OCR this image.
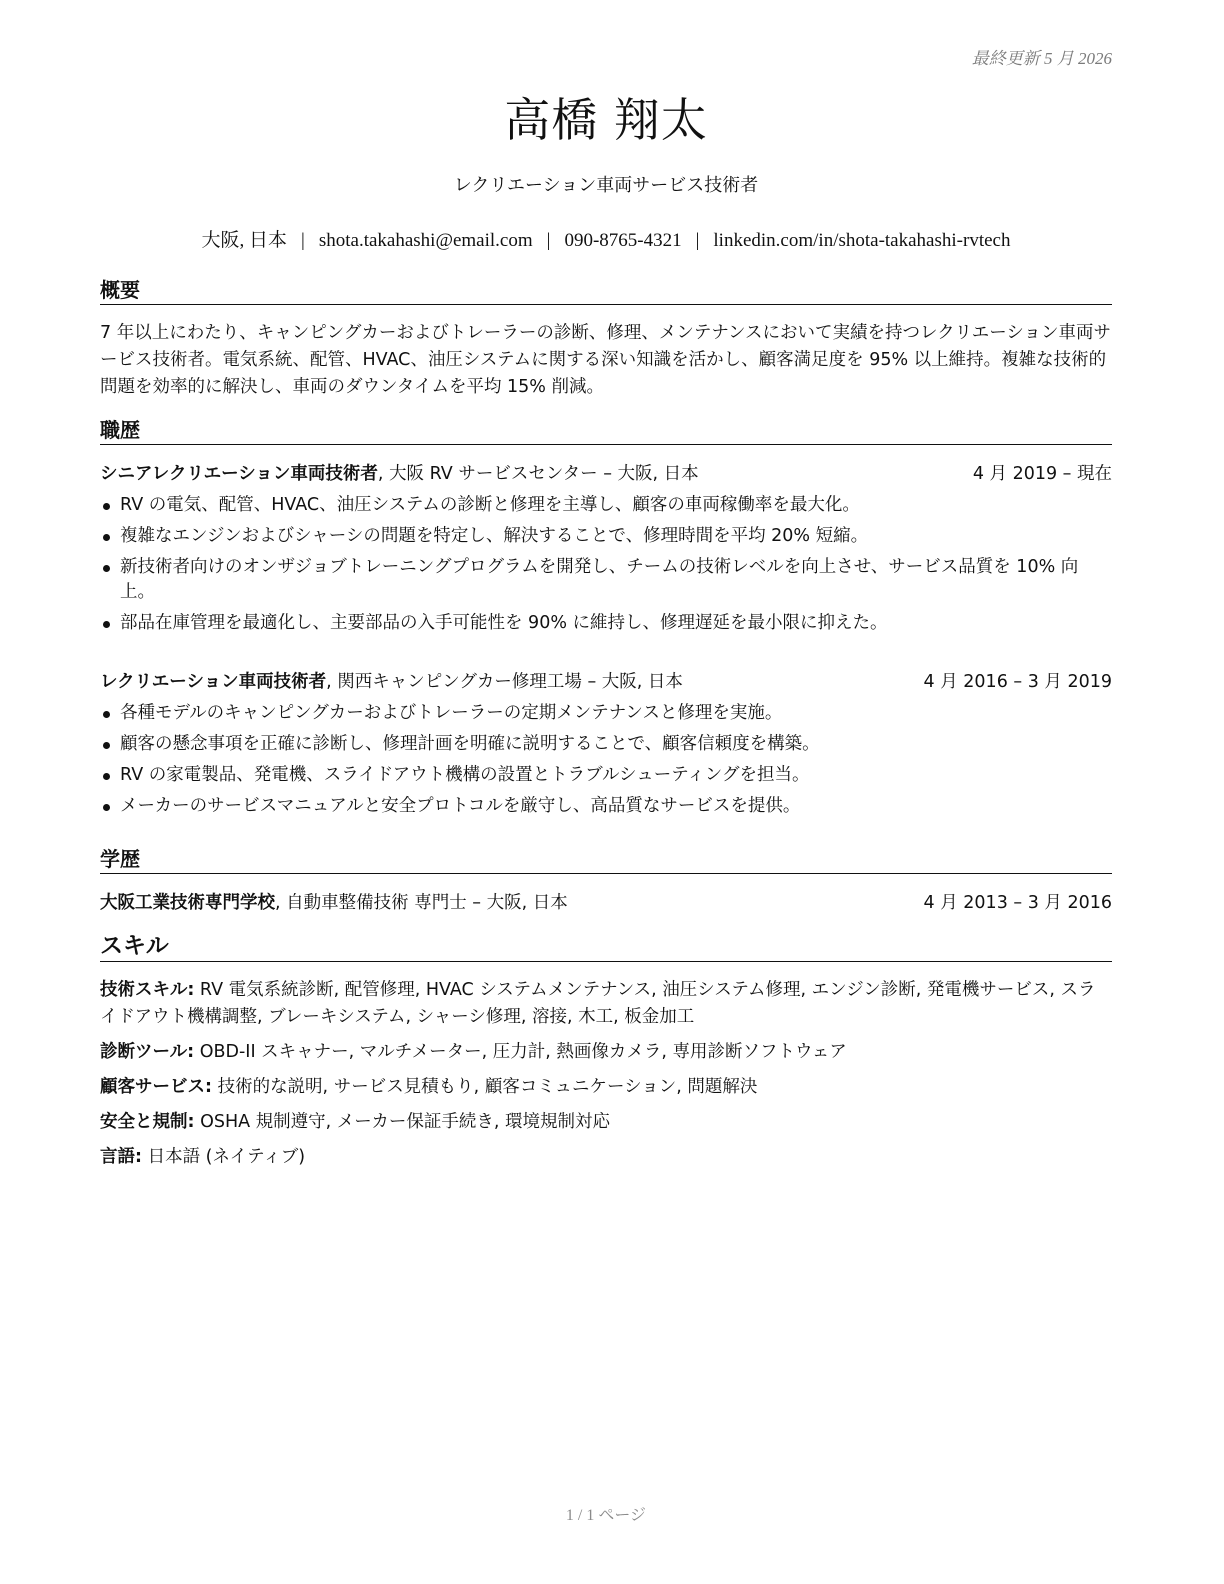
最終更新 5 月 2026
高橋 翔太
レクリエーション車両サービス技術者
大阪, 日本 | shota.takahashi@email.com | 090-8765-4321 | linkedin.com/in/shota-takahashi-rvtech
概要
7 年以上にわたり、キャンピングカーおよびトレーラーの診断、修理、メンテナンスにおいて実績を持つレクリエーション車両サービス技術者。電気系統、配管、HVAC、油圧システムに関する深い知識を活かし、顧客満足度を 95% 以上維持。複雑な技術的問題を効率的に解決し、車両のダウンタイムを平均 15% 削減。
職歴
シニアレクリエーション車両技術者, 大阪 RV サービスセンター – 大阪, 日本	4 月 2019 – 現在
RV の電気、配管、HVAC、油圧システムの診断と修理を主導し、顧客の車両稼働率を最大化。
複雑なエンジンおよびシャーシの問題を特定し、解決することで、修理時間を平均 20% 短縮。
新技術者向けのオンザジョブトレーニングプログラムを開発し、チームの技術レベルを向上させ、サービス品質を 10% 向上。
部品在庫管理を最適化し、主要部品の入手可能性を 90% に維持し、修理遅延を最小限に抑えた。
レクリエーション車両技術者, 関西キャンピングカー修理工場 – 大阪, 日本	4 月 2016 – 3 月 2019
各種モデルのキャンピングカーおよびトレーラーの定期メンテナンスと修理を実施。
顧客の懸念事項を正確に診断し、修理計画を明確に説明することで、顧客信頼度を構築。
RV の家電製品、発電機、スライドアウト機構の設置とトラブルシューティングを担当。
メーカーのサービスマニュアルと安全プロトコルを厳守し、高品質なサービスを提供。
学歴
大阪工業技術専門学校, 自動車整備技術 専門士 – 大阪, 日本	4 月 2013 – 3 月 2016
スキル
技術スキル: RV 電気系統診断, 配管修理, HVAC システムメンテナンス, 油圧システム修理, エンジン診断, 発電機サービス, スライドアウト機構調整, ブレーキシステム, シャーシ修理, 溶接, 木工, 板金加工
診断ツール: OBD-II スキャナー, マルチメーター, 圧力計, 熱画像カメラ, 専用診断ソフトウェア
顧客サービス: 技術的な説明, サービス見積もり, 顧客コミュニケーション, 問題解決
安全と規制: OSHA 規制遵守, メーカー保証手続き, 環境規制対応
言語: 日本語 (ネイティブ)
1 / 1 ページ
